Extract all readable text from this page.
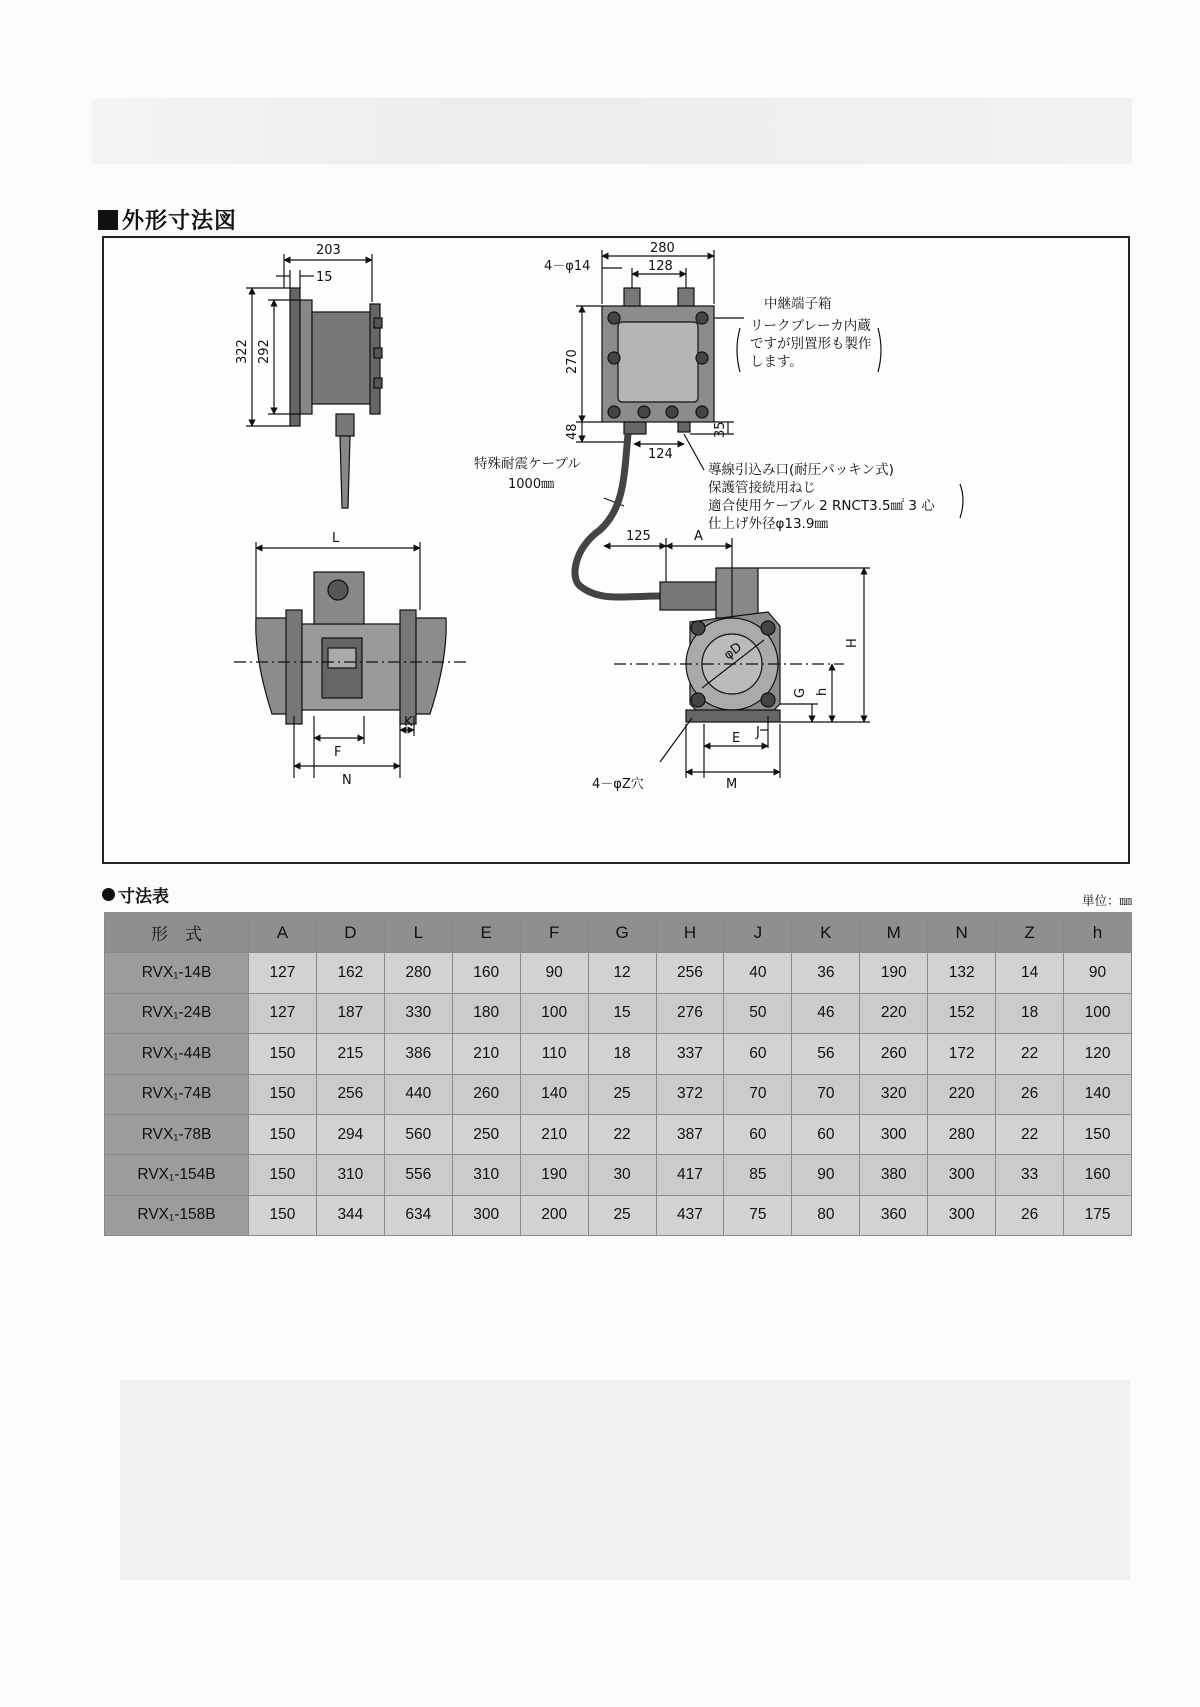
外形寸法図
203
15
322 292
4－φ14
280
128
270
48	35
124
中継端子箱
リークブレーカ内蔵
ですが別置形も製作
します。
特殊耐震ケーブル
1000㎜
導線引込み口(耐圧パッキン式)
保護管接続用ねじ
適合使用ケーブル 2 RNCT3.5㎟ 3 心
仕上げ外径φ13.9㎜
L
F
N
K
125	A
H
φD
G h
J
E
M
4－φZ穴
寸法表	単位：㎜
形　式	A	D	L	E	F	G	H	J	K	M	N	Z	h
RVX₁-14B	127	162	280	160	90	12	256	40	36	190	132	14	90
RVX₁-24B	127	187	330	180	100	15	276	50	46	220	152	18	100
RVX₁-44B	150	215	386	210	110	18	337	60	56	260	172	22	120
RVX₁-74B	150	256	440	260	140	25	372	70	70	320	220	26	140
RVX₁-78B	150	294	560	250	210	22	387	60	60	300	280	22	150
RVX₁-154B	150	310	556	310	190	30	417	85	90	380	300	33	160
RVX₁-158B	150	344	634	300	200	25	437	75	80	360	300	26	175
